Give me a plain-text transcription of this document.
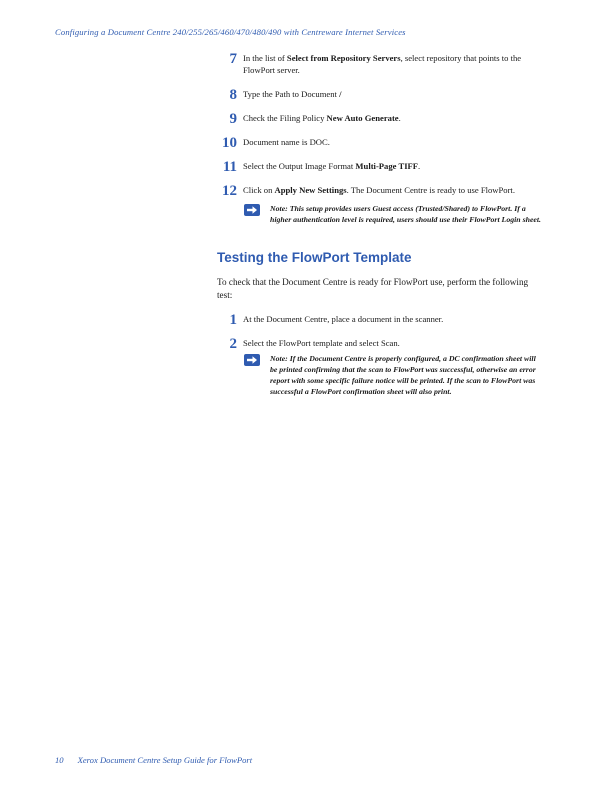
Configuring a Document Centre 240/255/265/460/470/480/490 with Centreware Internet Services
7 In the list of Select from Repository Servers, select repository that points to the FlowPort server.
8 Type the Path to Document /
9 Check the Filing Policy New Auto Generate.
10 Document name is DOC.
11 Select the Output Image Format Multi-Page TIFF.
12 Click on Apply New Settings. The Document Centre is ready to use FlowPort.
Note: This setup provides users Guest access (Trusted/Shared) to FlowPort. If a higher authentication level is required, users should use their FlowPort Login sheet.
Testing the FlowPort Template
To check that the Document Centre is ready for FlowPort use, perform the following test:
1 At the Document Centre, place a document in the scanner.
2 Select the FlowPort template and select Scan.
Note: If the Document Centre is properly configured, a DC confirmation sheet will be printed confirming that the scan to FlowPort was successful, otherwise an error report with some specific failure notice will be printed. If the scan to FlowPort was successful a FlowPort confirmation sheet will also print.
10 Xerox Document Centre Setup Guide for FlowPort
